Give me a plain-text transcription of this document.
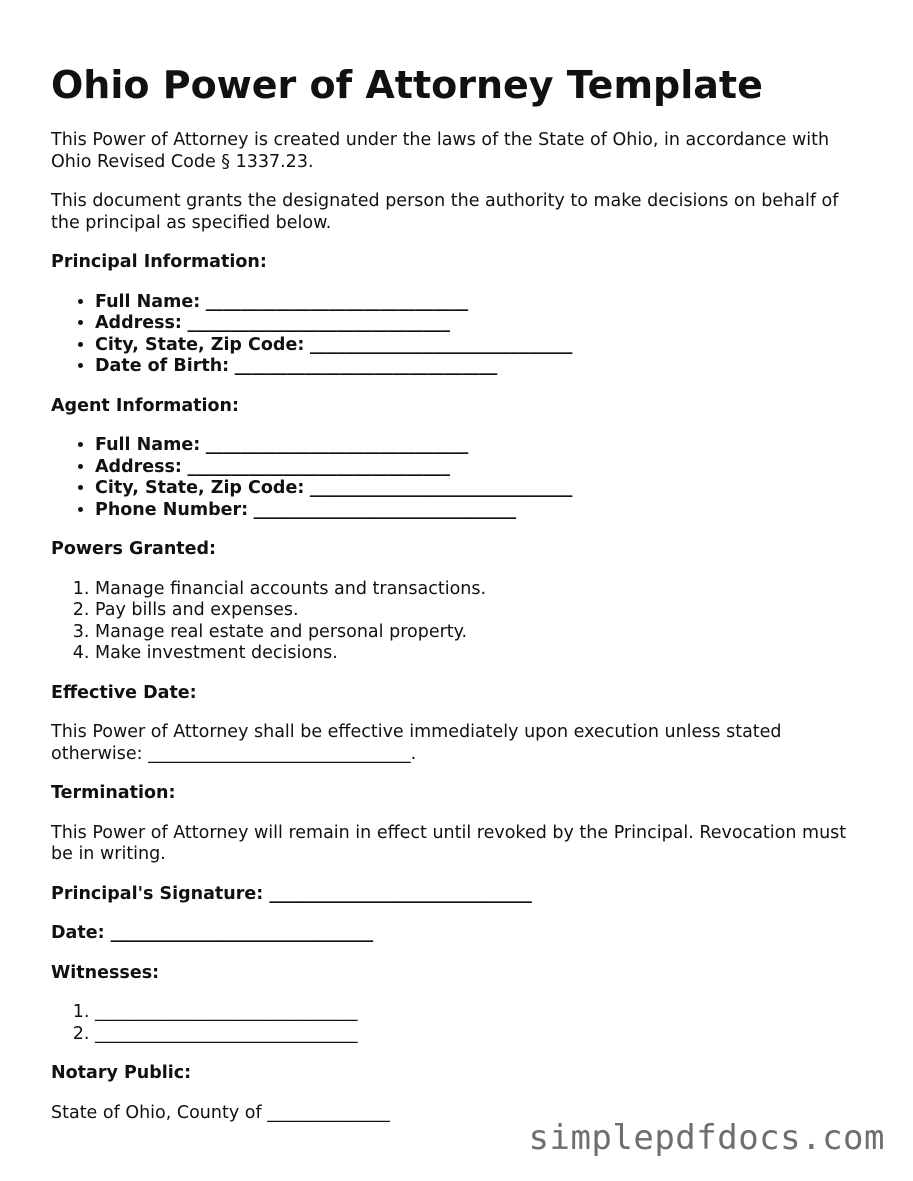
Ohio Power of Attorney Template

This Power of Attorney is created under the laws of the State of Ohio, in accordance with Ohio Revised Code § 1337.23.

This document grants the designated person the authority to make decisions on behalf of the principal as specified below.

Principal Information:
• Full Name: ______________________________
• Address: ______________________________
• City, State, Zip Code: ______________________________
• Date of Birth: ______________________________
Agent Information:
• Full Name: ______________________________
• Address: ______________________________
• City, State, Zip Code: ______________________________
• Phone Number: ______________________________
Powers Granted:
1. Manage financial accounts and transactions.
2. Pay bills and expenses.
3. Manage real estate and personal property.
4. Make investment decisions.
Effective Date:

This Power of Attorney shall be effective immediately upon execution unless stated otherwise: ______________________________.

Termination:

This Power of Attorney will remain in effect until revoked by the Principal. Revocation must be in writing.

Principal's Signature: ______________________________
Date: ______________________________
Witnesses:
1. ______________________________
2. ______________________________
Notary Public:

State of Ohio, County of ______________

simplepdfdocs.com
